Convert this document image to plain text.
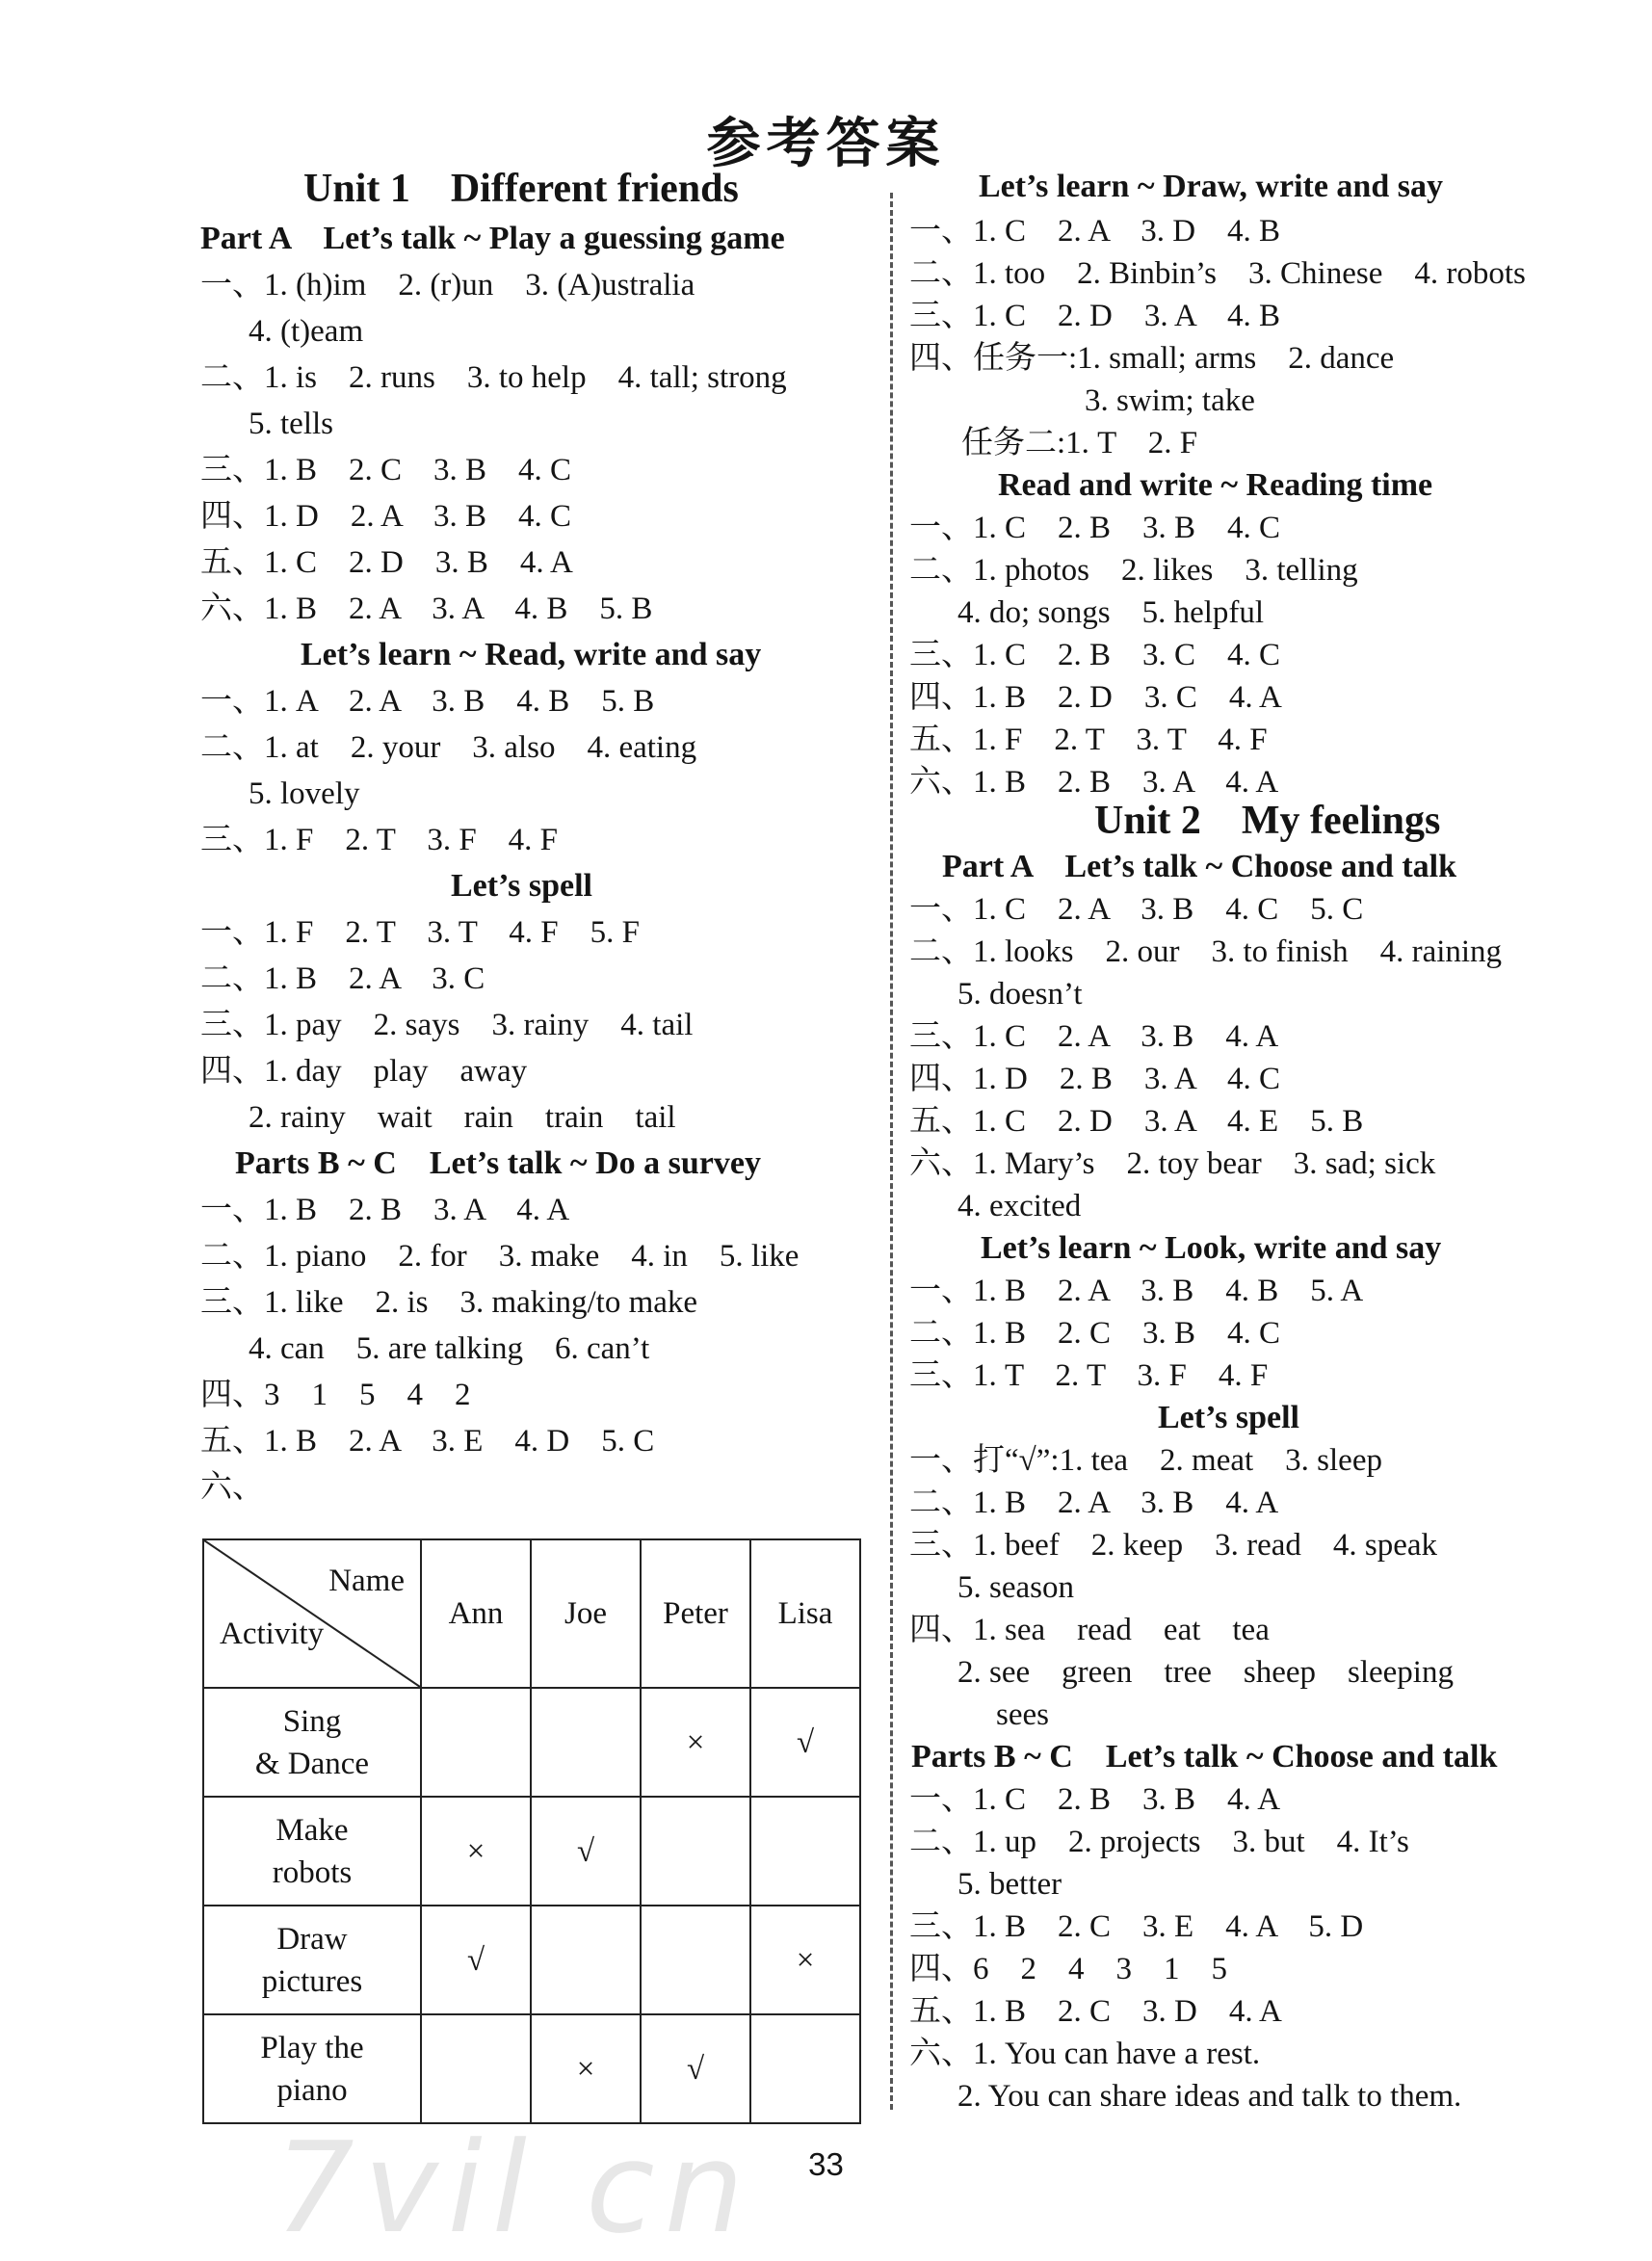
参考答案
Unit 1    Different friends
Part A    Let’s talk ~ Play a guessing game
一、1. (h)im    2. (r)un    3. (A)ustralia
4. (t)eam
二、1. is    2. runs    3. to help    4. tall; strong
5. tells
三、1. B    2. C    3. B    4. C
四、1. D    2. A    3. B    4. C
五、1. C    2. D    3. B    4. A
六、1. B    2. A    3. A    4. B    5. B
Let’s learn ~ Read, write and say
一、1. A    2. A    3. B    4. B    5. B
二、1. at    2. your    3. also    4. eating
5. lovely
三、1. F    2. T    3. F    4. F
Let’s spell
一、1. F    2. T    3. T    4. F    5. F
二、1. B    2. A    3. C
三、1. pay    2. says    3. rainy    4. tail
四、1. day    play    away
2. rainy    wait    rain    train    tail
Parts B ~ C    Let’s talk ~ Do a survey
一、1. B    2. B    3. A    4. A
二、1. piano    2. for    3. make    4. in    5. like
三、1. like    2. is    3. making/to make
4. can    5. are talking    6. can’t
四、3    1    5    4    2
五、1. B    2. A    3. E    4. D    5. C
六、
Let’s learn ~ Draw, write and say
一、1. C    2. A    3. D    4. B
二、1. too    2. Binbin’s    3. Chinese    4. robots
三、1. C    2. D    3. A    4. B
四、任务一:1. small; arms    2. dance
3. swim; take
任务二:1. T    2. F
Read and write ~ Reading time
一、1. C    2. B    3. B    4. C
二、1. photos    2. likes    3. telling
4. do; songs    5. helpful
三、1. C    2. B    3. C    4. C
四、1. B    2. D    3. C    4. A
五、1. F    2. T    3. T    4. F
六、1. B    2. B    3. A    4. A
Unit 2    My feelings
Part A    Let’s talk ~ Choose and talk
一、1. C    2. A    3. B    4. C    5. C
二、1. looks    2. our    3. to finish    4. raining
5. doesn’t
三、1. C    2. A    3. B    4. A
四、1. D    2. B    3. A    4. C
五、1. C    2. D    3. A    4. E    5. B
六、1. Mary’s    2. toy bear    3. sad; sick
4. excited
Let’s learn ~ Look, write and say
一、1. B    2. A    3. B    4. B    5. A
二、1. B    2. C    3. B    4. C
三、1. T    2. T    3. F    4. F
Let’s spell
一、打“√”:1. tea    2. meat    3. sleep
二、1. B    2. A    3. B    4. A
三、1. beef    2. keep    3. read    4. speak
5. season
四、1. sea    read    eat    tea
2. see    green    tree    sheep    sleeping
sees
Parts B ~ C    Let’s talk ~ Choose and talk
一、1. C    2. B    3. B    4. A
二、1. up    2. projects    3. but    4. It’s
5. better
三、1. B    2. C    3. E    4. A    5. D
四、6    2    4    3    1    5
五、1. B    2. C    3. D    4. A
六、1. You can have a rest.
2. You can share ideas and talk to them.
Name
Activity	Ann	Joe	Peter	Lisa
Sing
& Dance			×	√
Make
robots	×	√		
Draw
pictures	√			×
Play the
piano		×	√	
7vil cn	33
